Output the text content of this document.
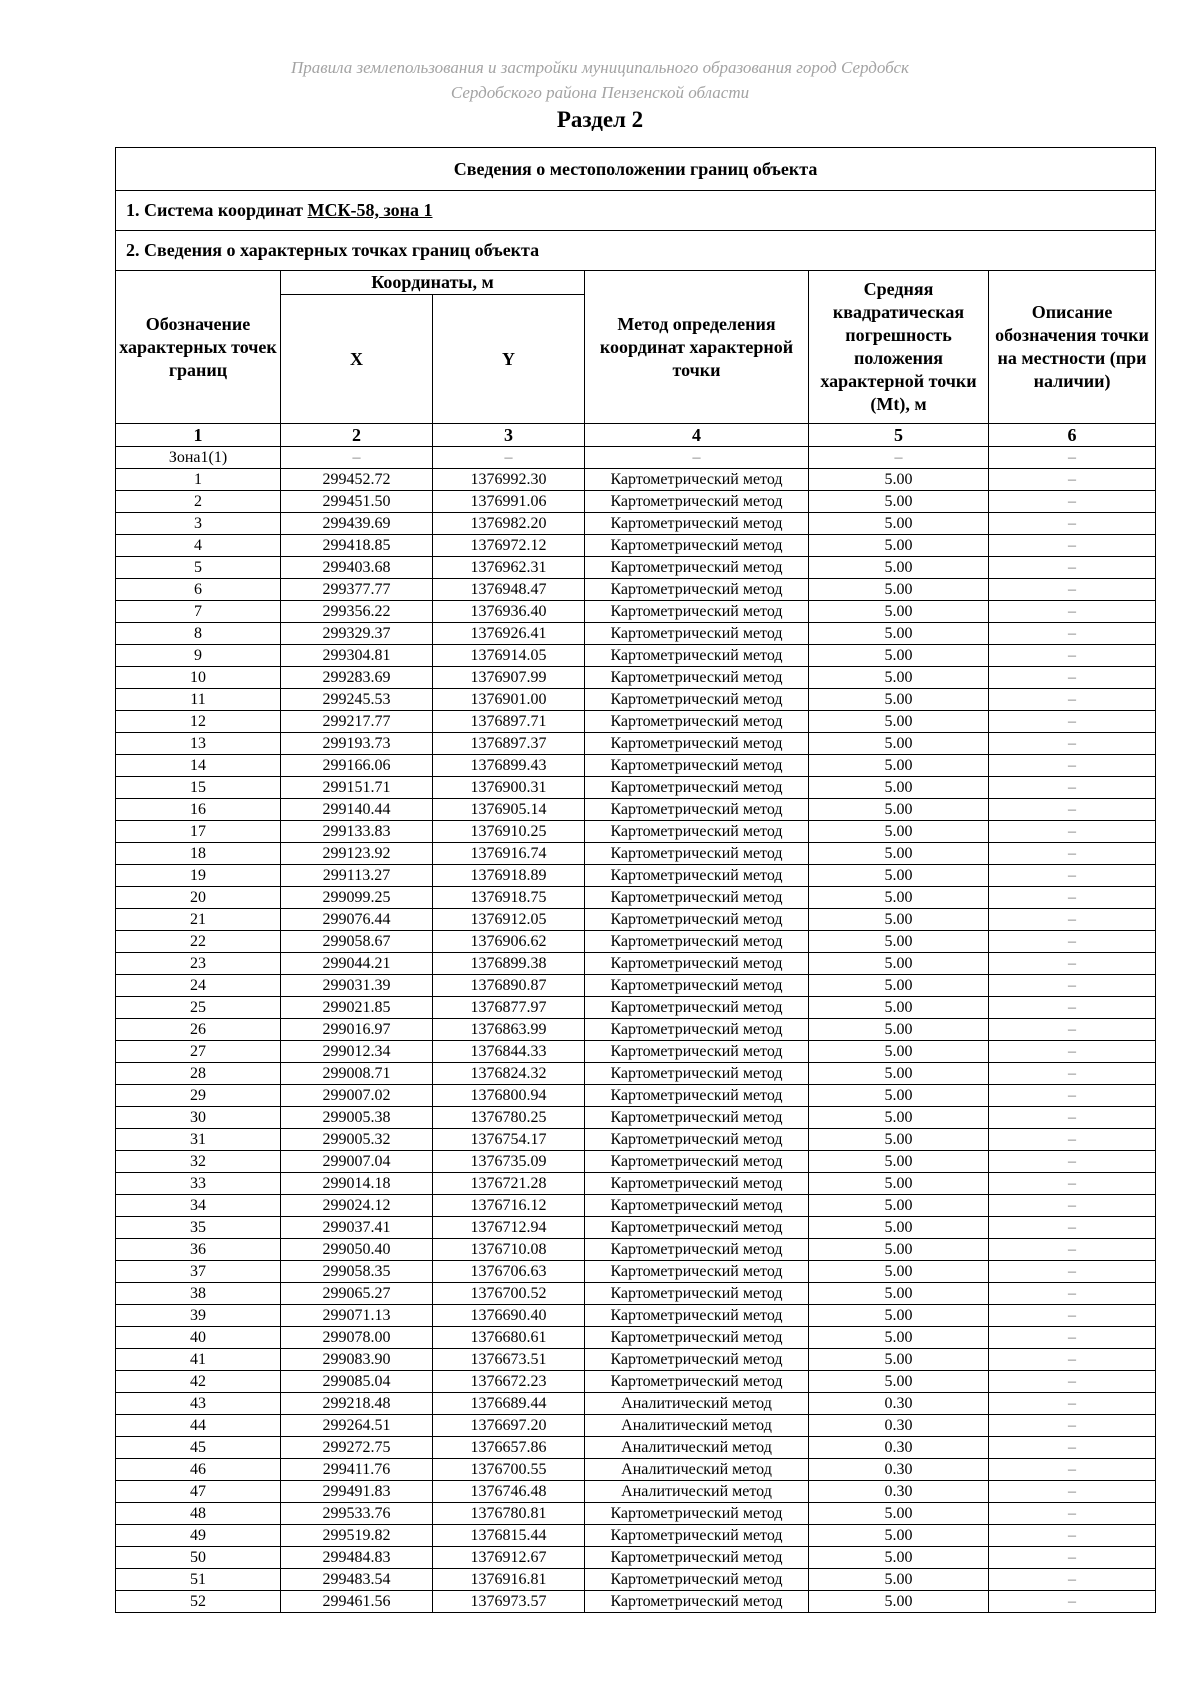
Правила землепользования и застройки муниципального образования город Сердобск
Сердобского района Пензенской области
Раздел 2
Сведения о местоположении границ объекта					
1. Система координат МСК-58, зона 1					
2. Сведения о характерных точках границ объекта					
Обозначение характерных точек границ	Координаты, м		Метод определения координат характерной точки	Средняя квадратическая погрешность положения характерной точки (Mt), м	Описание обозначения точки на местности (при наличии)
	X	Y			
1	2	3	4	5	6
Зона1(1)	–	–	–	–	–
1	299452.72	1376992.30	Картометрический метод	5.00	–
2	299451.50	1376991.06	Картометрический метод	5.00	–
3	299439.69	1376982.20	Картометрический метод	5.00	–
4	299418.85	1376972.12	Картометрический метод	5.00	–
5	299403.68	1376962.31	Картометрический метод	5.00	–
6	299377.77	1376948.47	Картометрический метод	5.00	–
7	299356.22	1376936.40	Картометрический метод	5.00	–
8	299329.37	1376926.41	Картометрический метод	5.00	–
9	299304.81	1376914.05	Картометрический метод	5.00	–
10	299283.69	1376907.99	Картометрический метод	5.00	–
11	299245.53	1376901.00	Картометрический метод	5.00	–
12	299217.77	1376897.71	Картометрический метод	5.00	–
13	299193.73	1376897.37	Картометрический метод	5.00	–
14	299166.06	1376899.43	Картометрический метод	5.00	–
15	299151.71	1376900.31	Картометрический метод	5.00	–
16	299140.44	1376905.14	Картометрический метод	5.00	–
17	299133.83	1376910.25	Картометрический метод	5.00	–
18	299123.92	1376916.74	Картометрический метод	5.00	–
19	299113.27	1376918.89	Картометрический метод	5.00	–
20	299099.25	1376918.75	Картометрический метод	5.00	–
21	299076.44	1376912.05	Картометрический метод	5.00	–
22	299058.67	1376906.62	Картометрический метод	5.00	–
23	299044.21	1376899.38	Картометрический метод	5.00	–
24	299031.39	1376890.87	Картометрический метод	5.00	–
25	299021.85	1376877.97	Картометрический метод	5.00	–
26	299016.97	1376863.99	Картометрический метод	5.00	–
27	299012.34	1376844.33	Картометрический метод	5.00	–
28	299008.71	1376824.32	Картометрический метод	5.00	–
29	299007.02	1376800.94	Картометрический метод	5.00	–
30	299005.38	1376780.25	Картометрический метод	5.00	–
31	299005.32	1376754.17	Картометрический метод	5.00	–
32	299007.04	1376735.09	Картометрический метод	5.00	–
33	299014.18	1376721.28	Картометрический метод	5.00	–
34	299024.12	1376716.12	Картометрический метод	5.00	–
35	299037.41	1376712.94	Картометрический метод	5.00	–
36	299050.40	1376710.08	Картометрический метод	5.00	–
37	299058.35	1376706.63	Картометрический метод	5.00	–
38	299065.27	1376700.52	Картометрический метод	5.00	–
39	299071.13	1376690.40	Картометрический метод	5.00	–
40	299078.00	1376680.61	Картометрический метод	5.00	–
41	299083.90	1376673.51	Картометрический метод	5.00	–
42	299085.04	1376672.23	Картометрический метод	5.00	–
43	299218.48	1376689.44	Аналитический метод	0.30	–
44	299264.51	1376697.20	Аналитический метод	0.30	–
45	299272.75	1376657.86	Аналитический метод	0.30	–
46	299411.76	1376700.55	Аналитический метод	0.30	–
47	299491.83	1376746.48	Аналитический метод	0.30	–
48	299533.76	1376780.81	Картометрический метод	5.00	–
49	299519.82	1376815.44	Картометрический метод	5.00	–
50	299484.83	1376912.67	Картометрический метод	5.00	–
51	299483.54	1376916.81	Картометрический метод	5.00	–
52	299461.56	1376973.57	Картометрический метод	5.00	–
